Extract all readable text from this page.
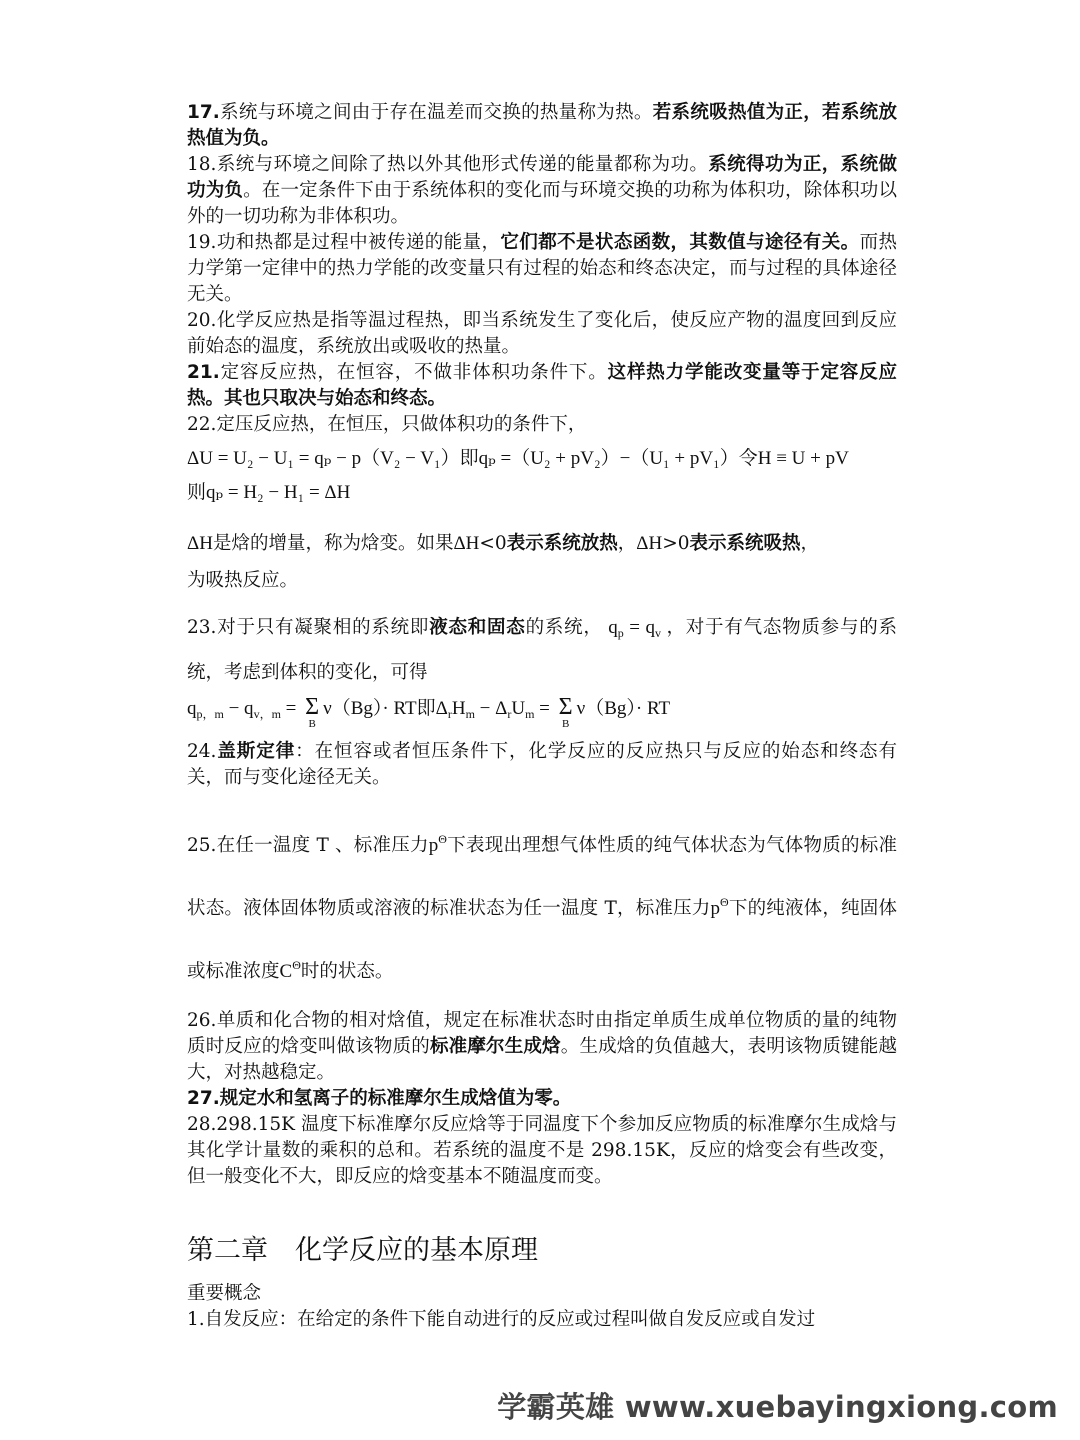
17.系统与环境之间由于存在温差而交换的热量称为热。若系统吸热值为正，若系统放热值为负。

18.系统与环境之间除了热以外其他形式传递的能量都称为功。系统得功为正，系统做功为负。在一定条件下由于系统体积的变化而与环境交换的功称为体积功，除体积功以外的一切功称为非体积功。

19.功和热都是过程中被传递的能量，它们都不是状态函数，其数值与途径有关。而热力学第一定律中的热力学能的改变量只有过程的始态和终态决定，而与过程的具体途径无关。

20.化学反应热是指等温过程热，即当系统发生了变化后，使反应产物的温度回到反应前始态的温度，系统放出或吸收的热量。

21.定容反应热，在恒容，不做非体积功条件下。这样热力学能改变量等于定容反应热。其也只取决与始态和终态。

22.定压反应热，在恒压，只做体积功的条件下，

ΔU = U₂ − U₁ = qₚ − p（V₂ − V₁）即qₚ =（U₂ + pV₂）−（U₁ + pV₁）令H ≡ U + pV

则qₚ = H₂ − H₁ = ΔH

ΔH是焓的增量，称为焓变。如果ΔH<0表示系统放热，ΔH>0表示系统吸热，

为吸热反应。

23.对于只有凝聚相的系统即液态和固态的系统， $q_p = q_v$ ，对于有气态物质参与的系统，考虑到体积的变化，可得

$q_{p,m} - q_{v,m} = \Sigma$
B
ν（Bg）· RT即$\Delta_rH_m - \Delta_rU_m = \Sigma$
B
ν（Bg）· RT

24.盖斯定律：在恒容或者恒压条件下，化学反应的反应热只与反应的始态和终态有关，而与变化途径无关。

25.在任一温度 T 、标准压力$p^\Theta$下表现出理想气体性质的纯气体状态为气体物质的标准状态。液体固体物质或溶液的标准状态为任一温度 T，标准压力$p^\Theta$下的纯液体，纯固体或标准浓度$C^\Theta$时的状态。

26.单质和化合物的相对焓值，规定在标准状态时由指定单质生成单位物质的量的纯物质时反应的焓变叫做该物质的标准摩尔生成焓。生成焓的负值越大，表明该物质键能越大，对热越稳定。

27.规定水和氢离子的标准摩尔生成焓值为零。

28.298.15K 温度下标准摩尔反应焓等于同温度下个参加反应物质的标准摩尔生成焓与其化学计量数的乘积的总和。若系统的温度不是 298.15K，反应的焓变会有些改变，但一般变化不大，即反应的焓变基本不随温度而变。

第二章　化学反应的基本原理

重要概念

1.自发反应：在给定的条件下能自动进行的反应或过程叫做自发反应或自发过

学霸英雄 www.xuebayingxiong.com
